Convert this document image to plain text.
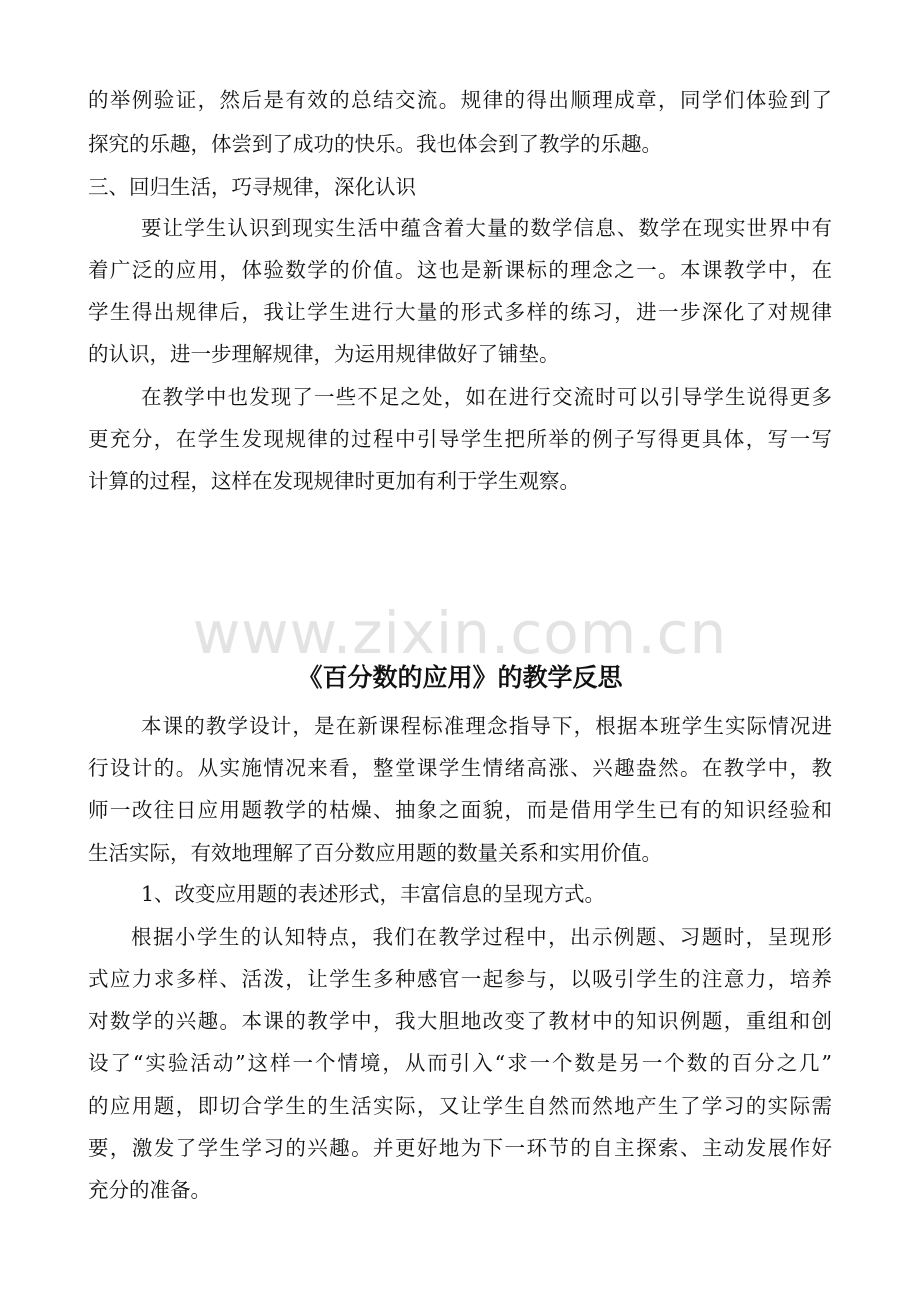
的举例验证，然后是有效的总结交流。规律的得出顺理成章，同学们体验到了
探究的乐趣，体尝到了成功的快乐。我也体会到了教学的乐趣。
三、回归生活，巧寻规律，深化认识
要让学生认识到现实生活中蕴含着大量的数学信息、数学在现实世界中有
着广泛的应用，体验数学的价值。这也是新课标的理念之一。本课教学中，在
学生得出规律后，我让学生进行大量的形式多样的练习，进一步深化了对规律
的认识，进一步理解规律，为运用规律做好了铺垫。
在教学中也发现了一些不足之处，如在进行交流时可以引导学生说得更多
更充分，在学生发现规律的过程中引导学生把所举的例子写得更具体，写一写
计算的过程，这样在发现规律时更加有利于学生观察。
www.zixin.com.cn
《百分数的应用》的教学反思
本课的教学设计，是在新课程标准理念指导下，根据本班学生实际情况进
行设计的。从实施情况来看，整堂课学生情绪高涨、兴趣盎然。在教学中，教
师一改往日应用题教学的枯燥、抽象之面貌，而是借用学生已有的知识经验和
生活实际，有效地理解了百分数应用题的数量关系和实用价值。
1、改变应用题的表述形式，丰富信息的呈现方式。
根据小学生的认知特点，我们在教学过程中，出示例题、习题时，呈现形
式应力求多样、活泼，让学生多种感官一起参与，以吸引学生的注意力，培养
对数学的兴趣。本课的教学中，我大胆地改变了教材中的知识例题，重组和创
设了“实验活动”这样一个情境，从而引入“求一个数是另一个数的百分之几”
的应用题，即切合学生的生活实际，又让学生自然而然地产生了学习的实际需
要，激发了学生学习的兴趣。并更好地为下一环节的自主探索、主动发展作好
充分的准备。
